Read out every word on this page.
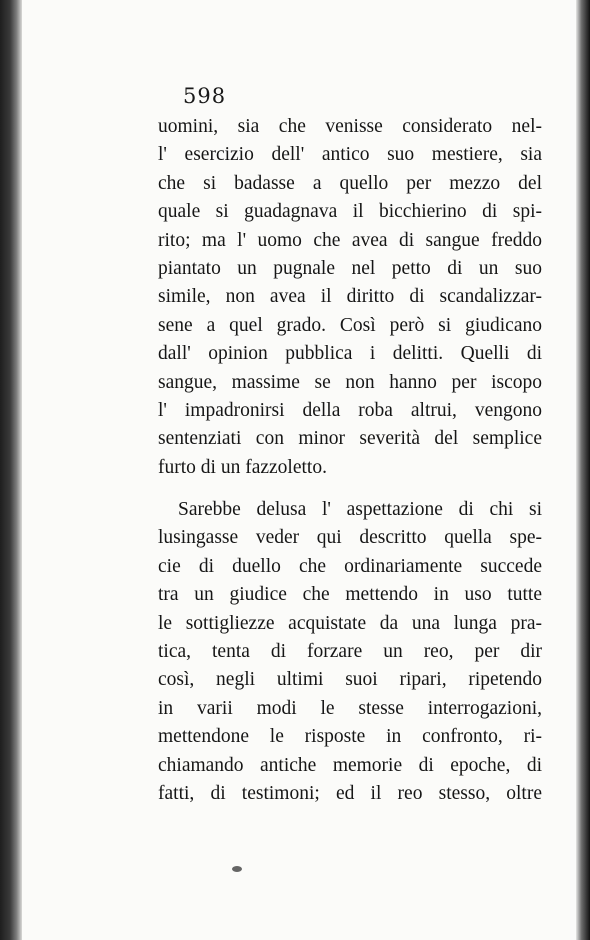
598
uomini, sia che venisse considerato nel-
l' esercizio dell' antico suo mestiere, sia
che si badasse a quello per mezzo del
quale si guadagnava il bicchierino di spi-
rito; ma l' uomo che avea di sangue freddo
piantato un pugnale nel petto di un suo
simile, non avea il diritto di scandalizzar-
sene a quel grado. Così però si giudicano
dall' opinion pubblica i delitti. Quelli di
sangue, massime se non hanno per iscopo
l' impadronirsi della roba altrui, vengono
sentenziati con minor severità del semplice
furto di un fazzoletto.
Sarebbe delusa l' aspettazione di chi si
lusingasse veder qui descritto quella spe-
cie di duello che ordinariamente succede
tra un giudice che mettendo in uso tutte
le sottigliezze acquistate da una lunga pra-
tica, tenta di forzare un reo, per dir
così, negli ultimi suoi ripari, ripetendo
in varii modi le stesse interrogazioni,
mettendone le risposte in confronto, ri-
chiamando antiche memorie di epoche, di
fatti, di testimoni; ed il reo stesso, oltre
